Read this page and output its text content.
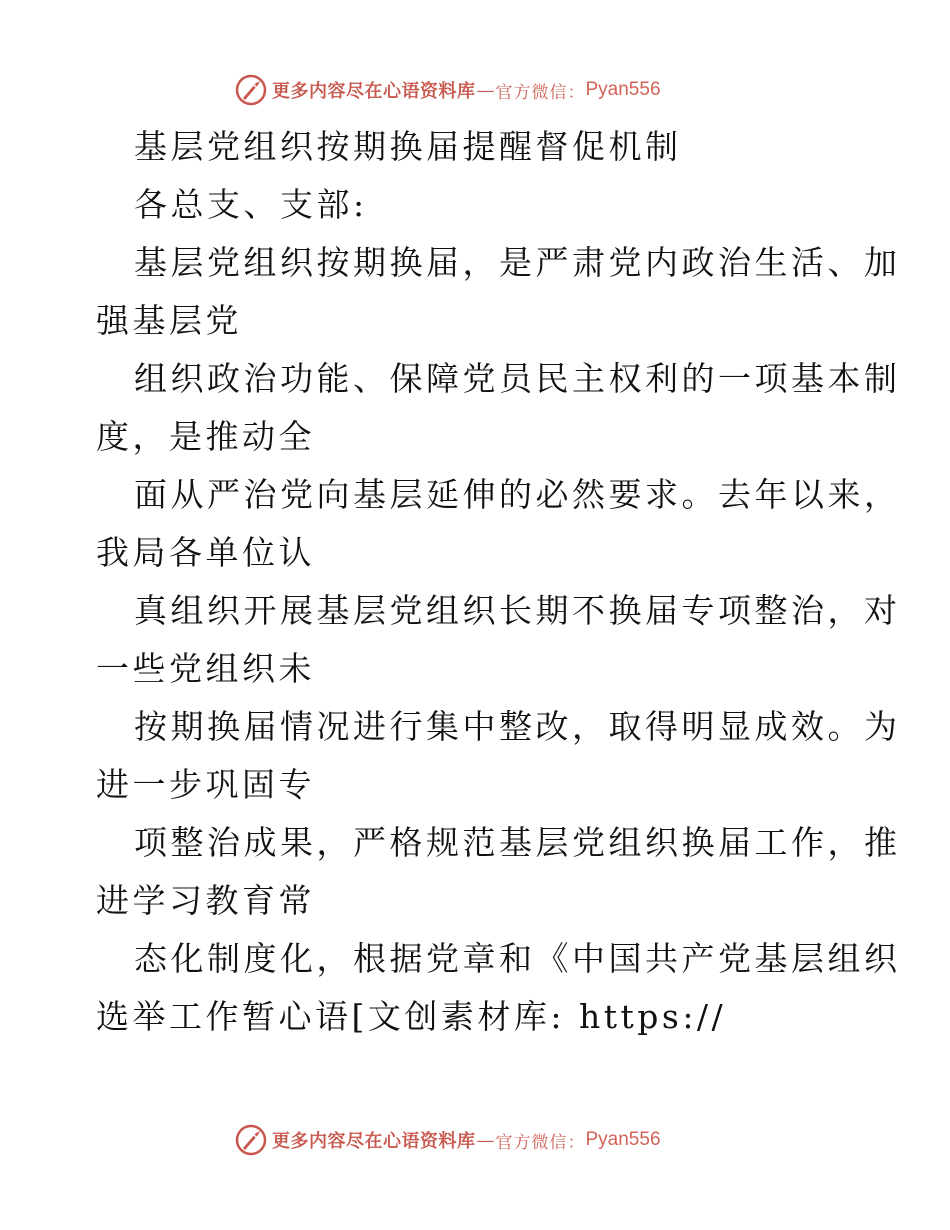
更多内容尽在心语资料库 — 官方微信： Pyan556
基层党组织按期换届提醒督促机制
各总支、支部:
基层党组织按期换届，是严肃党内政治生活、加
强基层党
组织政治功能、保障党员民主权利的一项基本制
度，是推动全
面从严治党向基层延伸的必然要求。去年以来，
我局各单位认
真组织开展基层党组织长期不换届专项整治，对
一些党组织未
按期换届情况进行集中整改，取得明显成效。为
进一步巩固专
项整治成果，严格规范基层党组织换届工作，推
进学习教育常
态化制度化，根据党章和《中国共产党基层组织
选举工作暂心语[文创素材库: https://
更多内容尽在心语资料库 — 官方微信： Pyan556
